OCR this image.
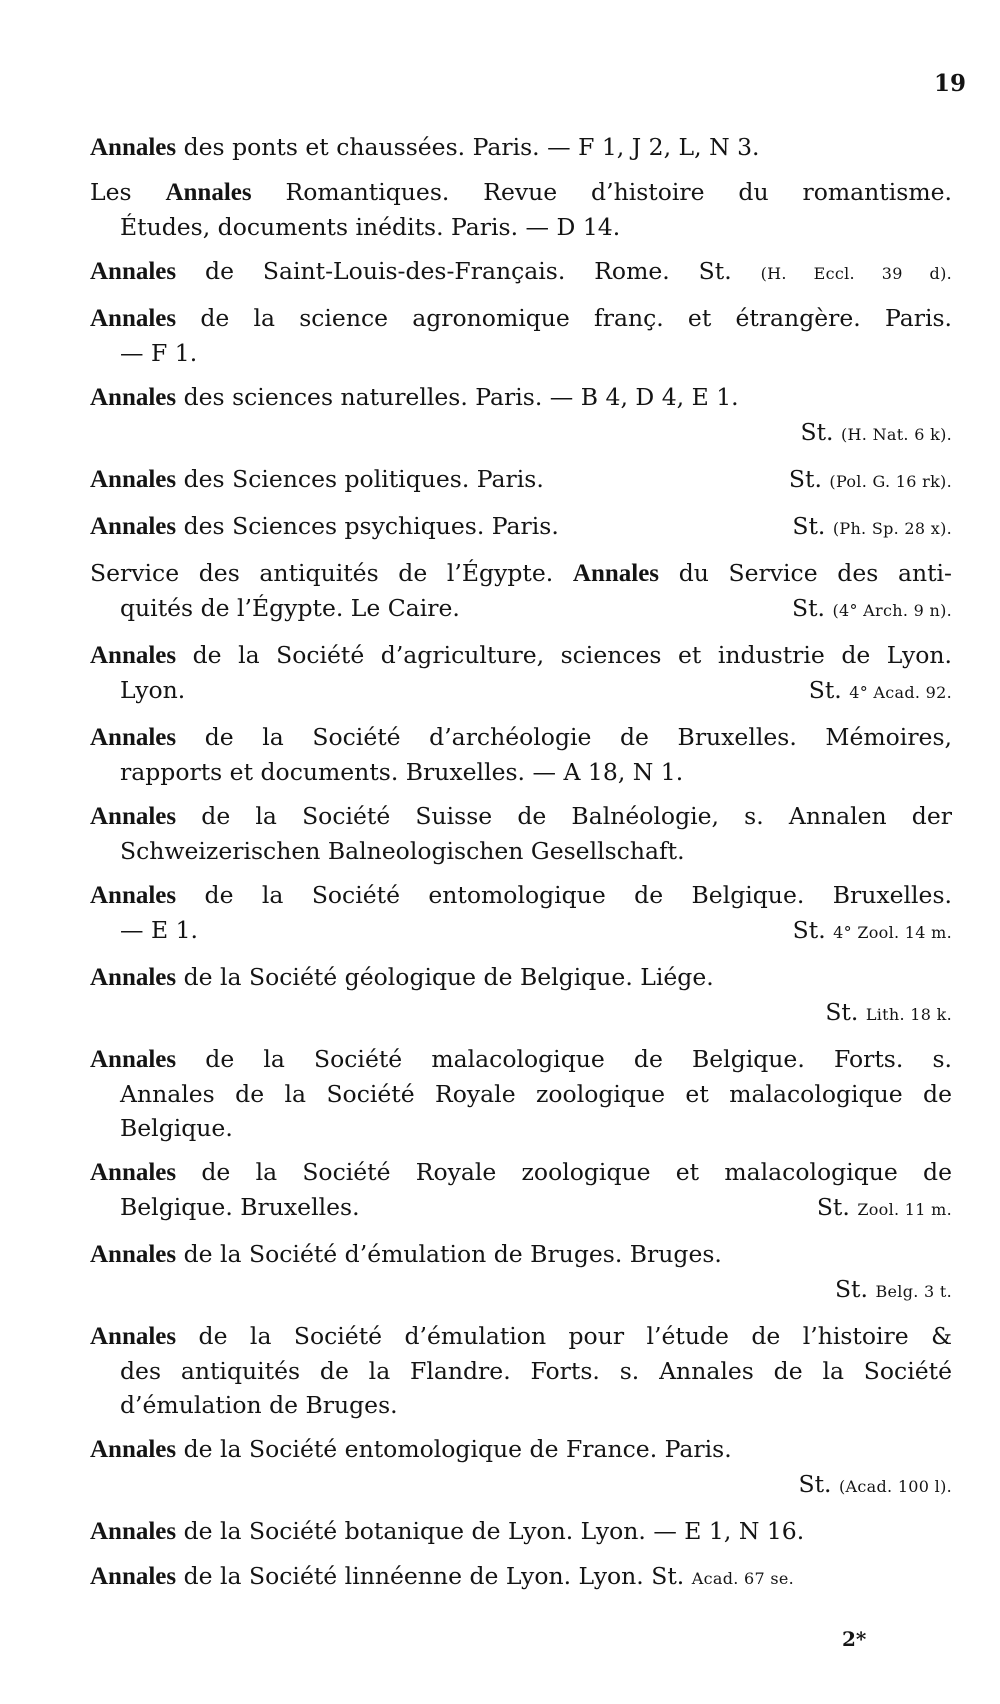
19
Annales des ponts et chaussées. Paris. — F 1, J 2, L, N 3.
Les Annales Romantiques. Revue d’histoire du romantisme.
Études, documents inédits. Paris. — D 14.
Annales de Saint-Louis-des-Français. Rome. St. (H. Eccl. 39 d).
Annales de la science agronomique franç. et étrangère. Paris.
— F 1.
Annales des sciences naturelles. Paris. — B 4, D 4, E 1.
St. (H. Nat. 6 k).
Annales des Sciences politiques. Paris.	St. (Pol. G. 16 rk).
Annales des Sciences psychiques. Paris.	St. (Ph. Sp. 28 x).
Service des antiquités de l’Égypte. Annales du Service des anti-
quités de l’Égypte. Le Caire.	St. (4° Arch. 9 n).
Annales de la Société d’agriculture, sciences et industrie de Lyon.
Lyon.	St. 4° Acad. 92.
Annales de la Société d’archéologie de Bruxelles. Mémoires,
rapports et documents. Bruxelles. — A 18, N 1.
Annales de la Société Suisse de Balnéologie, s. Annalen der
Schweizerischen Balneologischen Gesellschaft.
Annales de la Société entomologique de Belgique. Bruxelles.
— E 1.	St. 4° Zool. 14 m.
Annales de la Société géologique de Belgique. Liége.
St. Lith. 18 k.
Annales de la Société malacologique de Belgique. Forts. s.
Annales de la Société Royale zoologique et malacologique de Belgique.
Annales de la Société Royale zoologique et malacologique de
Belgique. Bruxelles.	St. Zool. 11 m.
Annales de la Société d’émulation de Bruges. Bruges.
St. Belg. 3 t.
Annales de la Société d’émulation pour l’étude de l’histoire &
des antiquités de la Flandre. Forts. s. Annales de la Société d’émulation de Bruges.
Annales de la Société entomologique de France. Paris.
St. (Acad. 100 l).
Annales de la Société botanique de Lyon. Lyon. — E 1, N 16.
Annales de la Société linnéenne de Lyon. Lyon. St. Acad. 67 se.
2*
